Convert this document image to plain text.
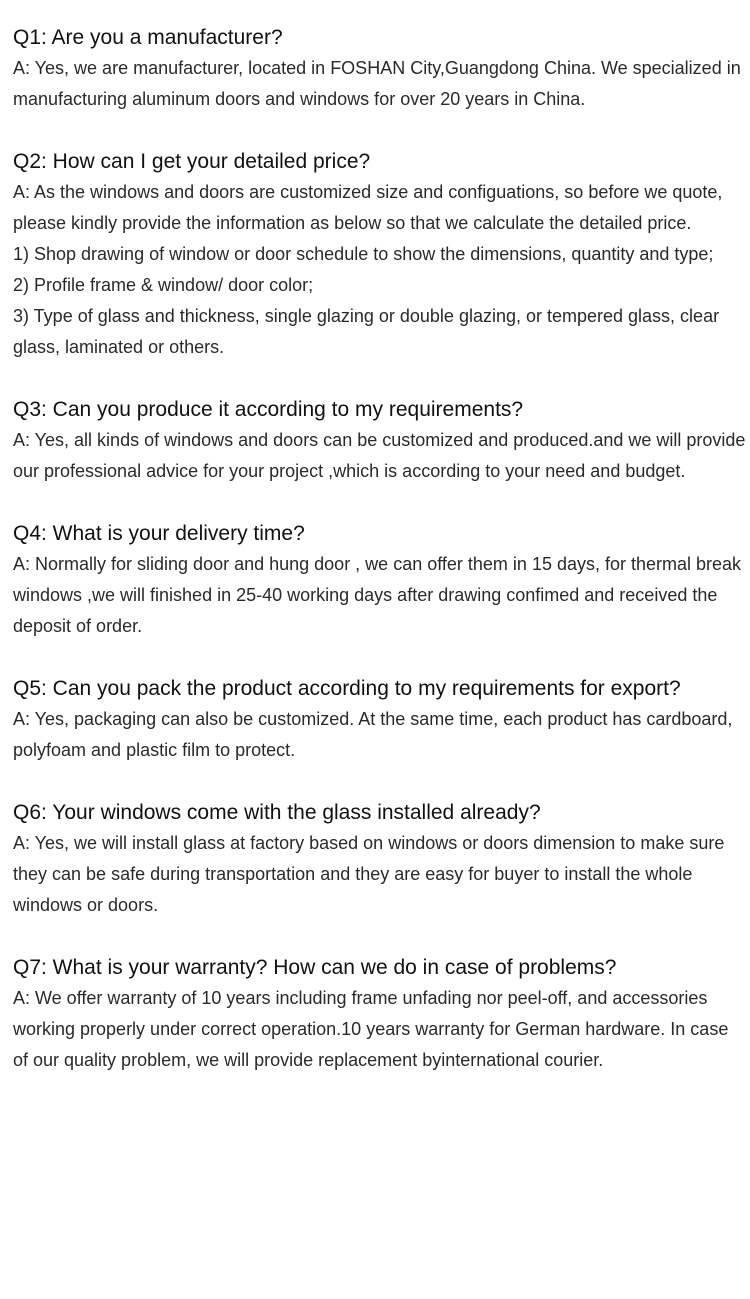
Q1: Are you a manufacturer?

A: Yes, we are manufacturer, located in FOSHAN City,Guangdong China. We specialized in manufacturing aluminum doors and windows for over 20 years in China.

Q2: How can I get your detailed price?

A: As the windows and doors are customized size and configuations, so before we quote, please kindly provide the information as below so that we calculate the detailed price.

1) Shop drawing of window or door schedule to show the dimensions, quantity and type;

2) Profile frame & window/ door color;

3) Type of glass and thickness, single glazing or double glazing, or tempered glass, clear glass, laminated or others.

Q3: Can you produce it according to my requirements?

A: Yes, all kinds of windows and doors can be customized and produced.and we will provide our professional advice for your project ,which is according to your need and budget.

Q4: What is your delivery time?

A: Normally for sliding door and hung door , we can offer them in 15 days, for thermal break windows ,we will finished in 25-40 working days after drawing confimed and received the deposit of order.

Q5: Can you pack the product according to my requirements for export?

A: Yes, packaging can also be customized. At the same time, each product has cardboard, polyfoam and plastic film to protect.

Q6: Your windows come with the glass installed already?

A: Yes, we will install glass at factory based on windows or doors dimension to make sure they can be safe during transportation and they are easy for buyer to install the whole windows or doors.

Q7: What is your warranty? How can we do in case of problems?

A: We offer warranty of 10 years including frame unfading nor peel-off, and accessories working properly under correct operation.10 years warranty for German hardware. In case of our quality problem, we will provide replacement byinternational courier.
